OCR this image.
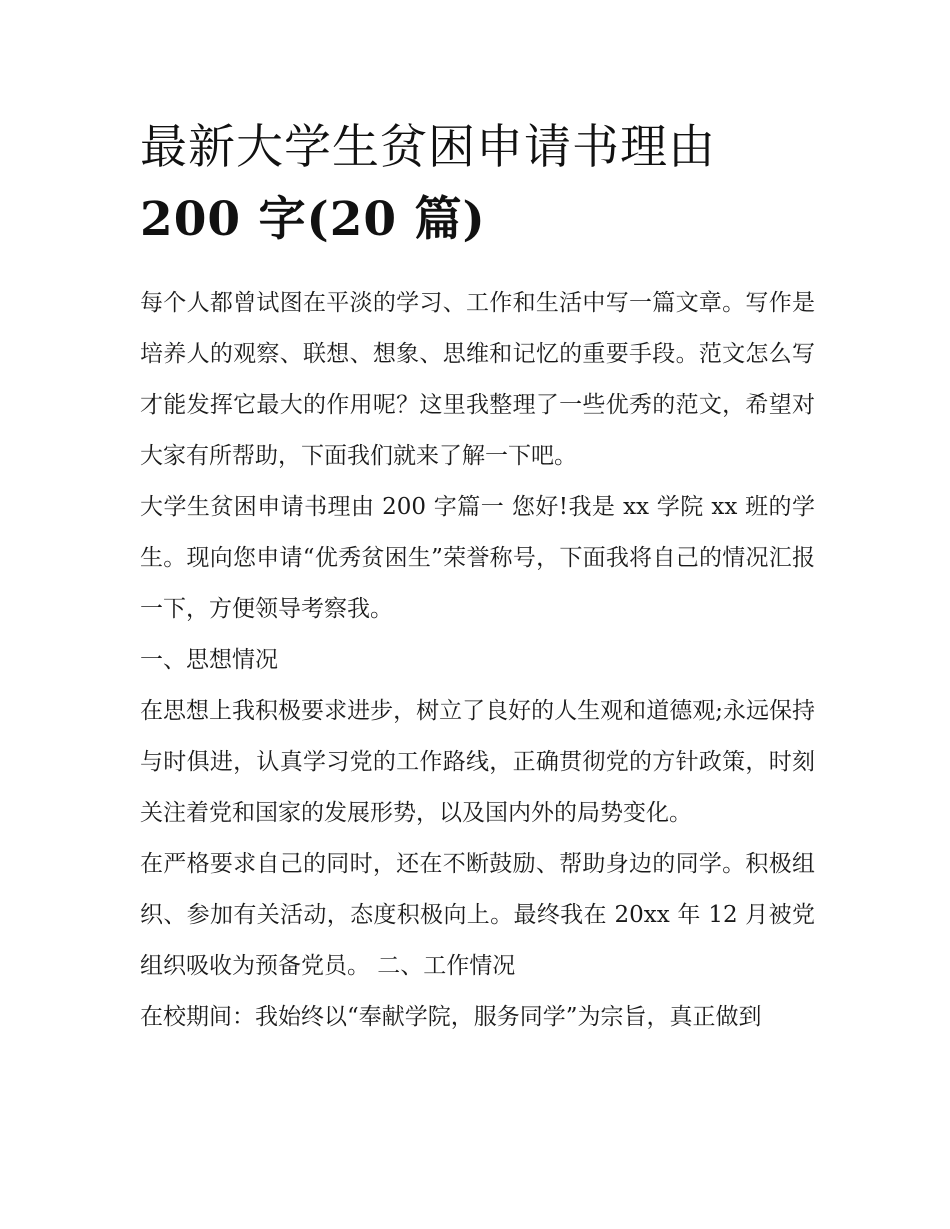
最新大学生贫困申请书理由
200 字(20 篇)

每个人都曾试图在平淡的学习、工作和生活中写一篇文章。写作是培养人的观察、联想、想象、思维和记忆的重要手段。范文怎么写才能发挥它最大的作用呢？这里我整理了一些优秀的范文，希望对大家有所帮助，下面我们就来了解一下吧。

大学生贫困申请书理由 200 字篇一 您好!我是 xx 学院 xx 班的学生。现向您申请“优秀贫困生”荣誉称号，下面我将自己的情况汇报一下，方便领导考察我。

一、思想情况

在思想上我积极要求进步，树立了良好的人生观和道德观;永远保持与时俱进，认真学习党的工作路线，正确贯彻党的方针政策，时刻关注着党和国家的发展形势，以及国内外的局势变化。

在严格要求自己的同时，还在不断鼓励、帮助身边的同学。积极组织、参加有关活动，态度积极向上。最终我在 20xx 年 12 月被党组织吸收为预备党员。 二、工作情况

在校期间：我始终以“奉献学院，服务同学”为宗旨，真正做到
